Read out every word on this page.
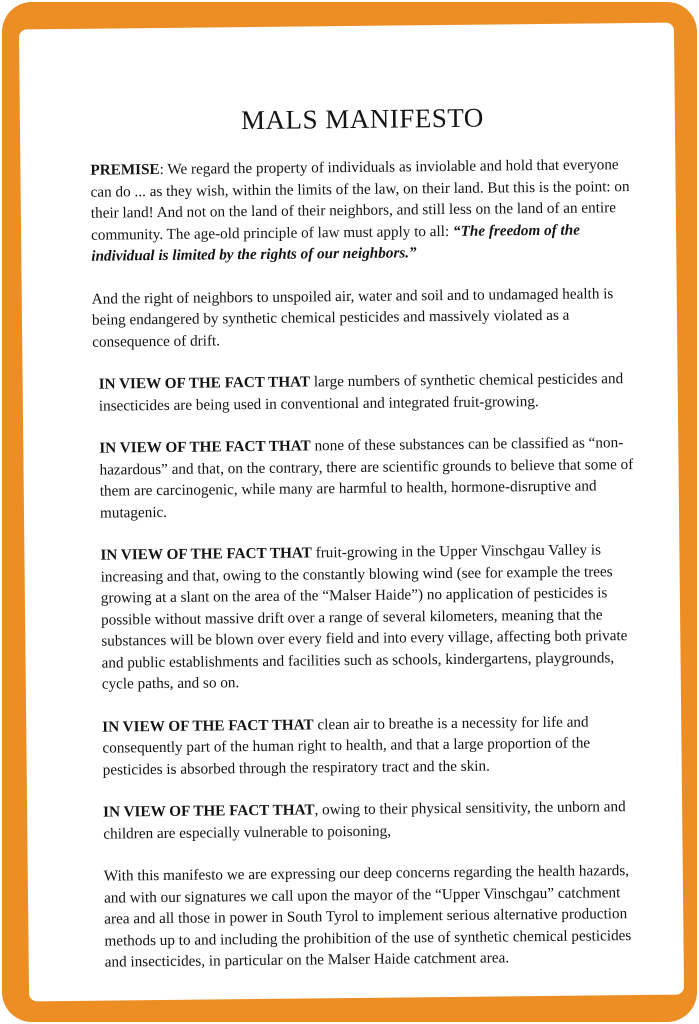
MALS MANIFESTO

PREMISE: We regard the property of individuals as inviolable and hold that everyone can do ... as they wish, within the limits of the law, on their land. But this is the point: on their land! And not on the land of their neighbors, and still less on the land of an entire community. The age-old principle of law must apply to all: “The freedom of the individual is limited by the rights of our neighbors.”

And the right of neighbors to unspoiled air, water and soil and to undamaged health is being endangered by synthetic chemical pesticides and massively violated as a consequence of drift.

IN VIEW OF THE FACT THAT large numbers of synthetic chemical pesticides and insecticides are being used in conventional and integrated fruit-growing.

IN VIEW OF THE FACT THAT none of these substances can be classified as “non-hazardous” and that, on the contrary, there are scientific grounds to believe that some of them are carcinogenic, while many are harmful to health, hormone-disruptive and mutagenic.

IN VIEW OF THE FACT THAT fruit-growing in the Upper Vinschgau Valley is increasing and that, owing to the constantly blowing wind (see for example the trees growing at a slant on the area of the “Malser Haide”) no application of pesticides is possible without massive drift over a range of several kilometers, meaning that the substances will be blown over every field and into every village, affecting both private and public establishments and facilities such as schools, kindergartens, playgrounds, cycle paths, and so on.

IN VIEW OF THE FACT THAT clean air to breathe is a necessity for life and consequently part of the human right to health, and that a large proportion of the pesticides is absorbed through the respiratory tract and the skin.

IN VIEW OF THE FACT THAT, owing to their physical sensitivity, the unborn and children are especially vulnerable to poisoning,

With this manifesto we are expressing our deep concerns regarding the health hazards, and with our signatures we call upon the mayor of the “Upper Vinschgau” catchment area and all those in power in South Tyrol to implement serious alternative production methods up to and including the prohibition of the use of synthetic chemical pesticides and insecticides, in particular on the Malser Haide catchment area.
